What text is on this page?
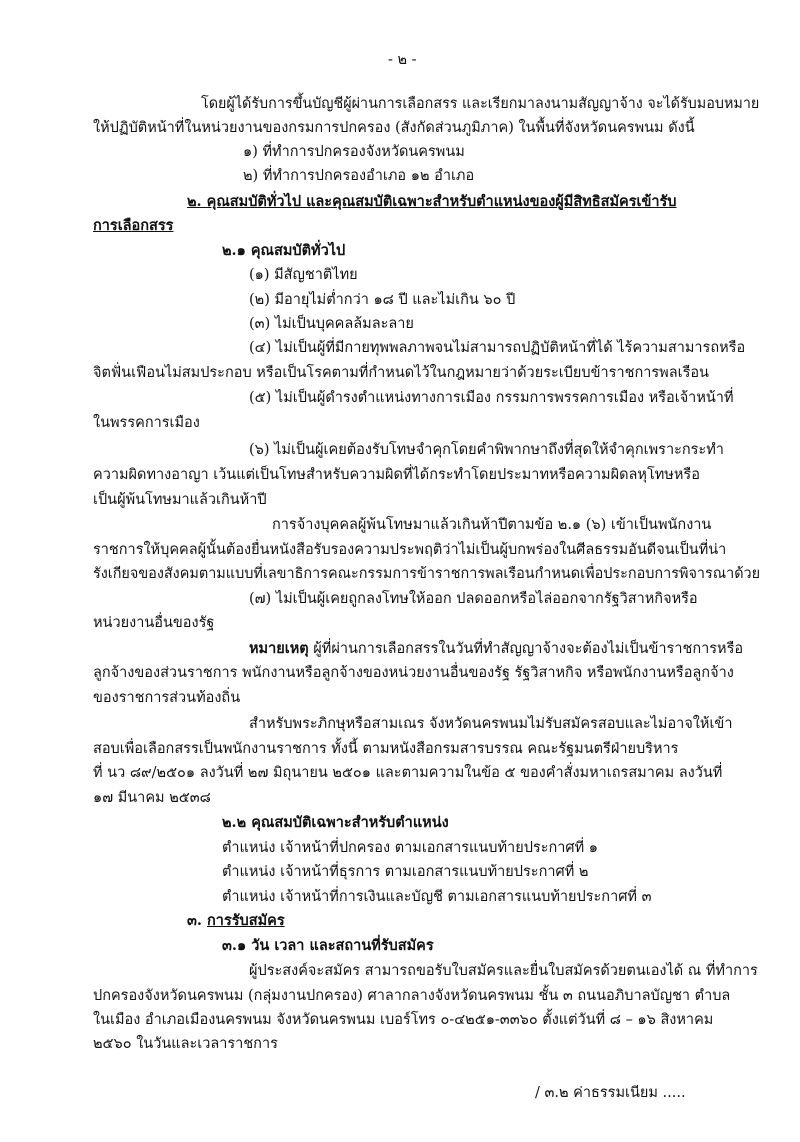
- ๒ -
โดยผู้ได้รับการขึ้นบัญชีผู้ผ่านการเลือกสรร และเรียกมาลงนามสัญญาจ้าง จะได้รับมอบหมาย
ให้ปฏิบัติหน้าที่ในหน่วยงานของกรมการปกครอง (สังกัดส่วนภูมิภาค) ในพื้นที่จังหวัดนครพนม ดังนี้
๑) ที่ทำการปกครองจังหวัดนครพนม
๒) ที่ทำการปกครองอำเภอ ๑๒ อำเภอ
๒. คุณสมบัติทั่วไป และคุณสมบัติเฉพาะสำหรับตำแหน่งของผู้มีสิทธิสมัครเข้ารับ
การเลือกสรร
๒.๑ คุณสมบัติทั่วไป
(๑) มีสัญชาติไทย
(๒) มีอายุไม่ต่ำกว่า ๑๘ ปี และไม่เกิน ๖๐ ปี
(๓) ไม่เป็นบุคคลล้มละลาย
(๔) ไม่เป็นผู้ที่มีกายทุพพลภาพจนไม่สามารถปฏิบัติหน้าที่ได้ ไร้ความสามารถหรือ
จิตฟั่นเฟือนไม่สมประกอบ หรือเป็นโรคตามที่กำหนดไว้ในกฎหมายว่าด้วยระเบียบข้าราชการพลเรือน
(๕) ไม่เป็นผู้ดำรงตำแหน่งทางการเมือง กรรมการพรรคการเมือง หรือเจ้าหน้าที่
ในพรรคการเมือง
(๖) ไม่เป็นผู้เคยต้องรับโทษจำคุกโดยคำพิพากษาถึงที่สุดให้จำคุกเพราะกระทำ
ความผิดทางอาญา เว้นแต่เป็นโทษสำหรับความผิดที่ได้กระทำโดยประมาทหรือความผิดลหุโทษหรือ
เป็นผู้พ้นโทษมาแล้วเกินห้าปี
การจ้างบุคคลผู้พ้นโทษมาแล้วเกินห้าปีตามข้อ ๒.๑ (๖) เข้าเป็นพนักงาน
ราชการให้บุคคลผู้นั้นต้องยื่นหนังสือรับรองความประพฤติว่าไม่เป็นผู้บกพร่องในศีลธรรมอันดีจนเป็นที่น่า
รังเกียจของสังคมตามแบบที่เลขาธิการคณะกรรมการข้าราชการพลเรือนกำหนดเพื่อประกอบการพิจารณาด้วย
(๗) ไม่เป็นผู้เคยถูกลงโทษให้ออก ปลดออกหรือไล่ออกจากรัฐวิสาหกิจหรือ
หน่วยงานอื่นของรัฐ
หมายเหตุ ผู้ที่ผ่านการเลือกสรรในวันที่ทำสัญญาจ้างจะต้องไม่เป็นข้าราชการหรือ
ลูกจ้างของส่วนราชการ พนักงานหรือลูกจ้างของหน่วยงานอื่นของรัฐ รัฐวิสาหกิจ หรือพนักงานหรือลูกจ้าง
ของราชการส่วนท้องถิ่น
สำหรับพระภิกษุหรือสามเณร จังหวัดนครพนมไม่รับสมัครสอบและไม่อาจให้เข้า
สอบเพื่อเลือกสรรเป็นพนักงานราชการ ทั้งนี้ ตามหนังสือกรมสารบรรณ คณะรัฐมนตรีฝ่ายบริหาร
ที่ นว ๘๙/๒๕๐๑ ลงวันที่ ๒๗ มิถุนายน ๒๕๐๑ และตามความในข้อ ๕ ของคำสั่งมหาเถรสมาคม ลงวันที่
๑๗ มีนาคม ๒๕๓๘
๒.๒ คุณสมบัติเฉพาะสำหรับตำแหน่ง
ตำแหน่ง เจ้าหน้าที่ปกครอง ตามเอกสารแนบท้ายประกาศที่ ๑
ตำแหน่ง เจ้าหน้าที่ธุรการ ตามเอกสารแนบท้ายประกาศที่ ๒
ตำแหน่ง เจ้าหน้าที่การเงินและบัญชี ตามเอกสารแนบท้ายประกาศที่ ๓
๓. การรับสมัคร
๓.๑ วัน เวลา และสถานที่รับสมัคร
ผู้ประสงค์จะสมัคร สามารถขอรับใบสมัครและยื่นใบสมัครด้วยตนเองได้ ณ ที่ทำการ
ปกครองจังหวัดนครพนม (กลุ่มงานปกครอง) ศาลากลางจังหวัดนครพนม ชั้น ๓ ถนนอภิบาลบัญชา ตำบล
ในเมือง อำเภอเมืองนครพนม จังหวัดนครพนม เบอร์โทร ๐-๔๒๕๑-๓๓๖๐ ตั้งแต่วันที่ ๘ – ๑๖ สิงหาคม
๒๕๖๐ ในวันและเวลาราชการ
/ ๓.๒ ค่าธรรมเนียม .....
